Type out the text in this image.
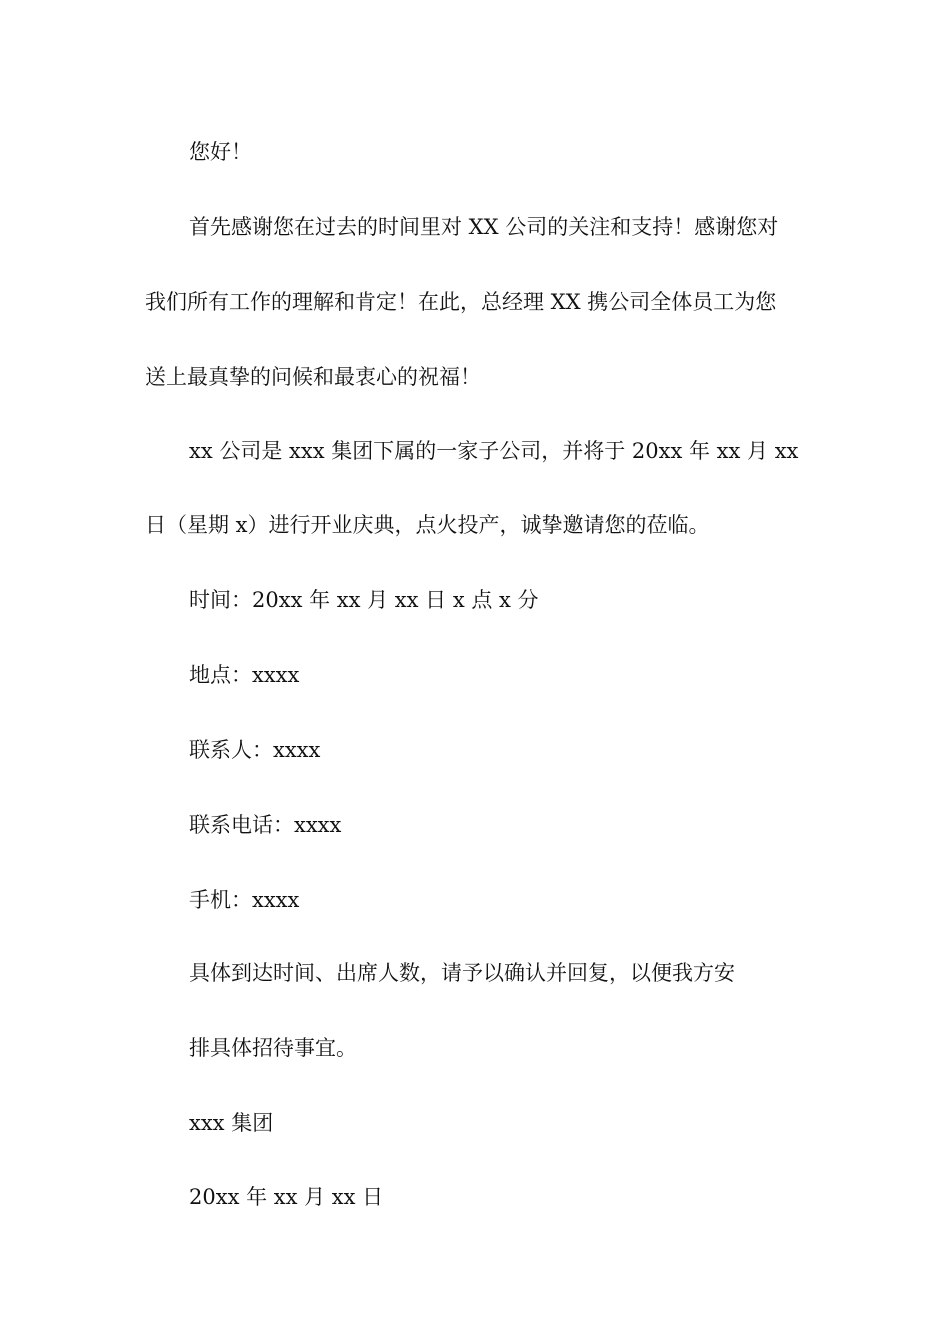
您好！
首先感谢您在过去的时间里对 XX 公司的关注和支持！感谢您对
我们所有工作的理解和肯定！在此，总经理 XX 携公司全体员工为您
送上最真挚的问候和最衷心的祝福！
xx 公司是 xxx 集团下属的一家子公司，并将于 20xx 年 xx 月 xx
日（星期 x）进行开业庆典，点火投产，诚挚邀请您的莅临。
时间：20xx 年 xx 月 xx 日 x 点 x 分
地点：xxxx
联系人：xxxx
联系电话：xxxx
手机：xxxx
具体到达时间、出席人数，请予以确认并回复，以便我方安
排具体招待事宜。
xxx 集团
20xx 年 xx 月 xx 日
